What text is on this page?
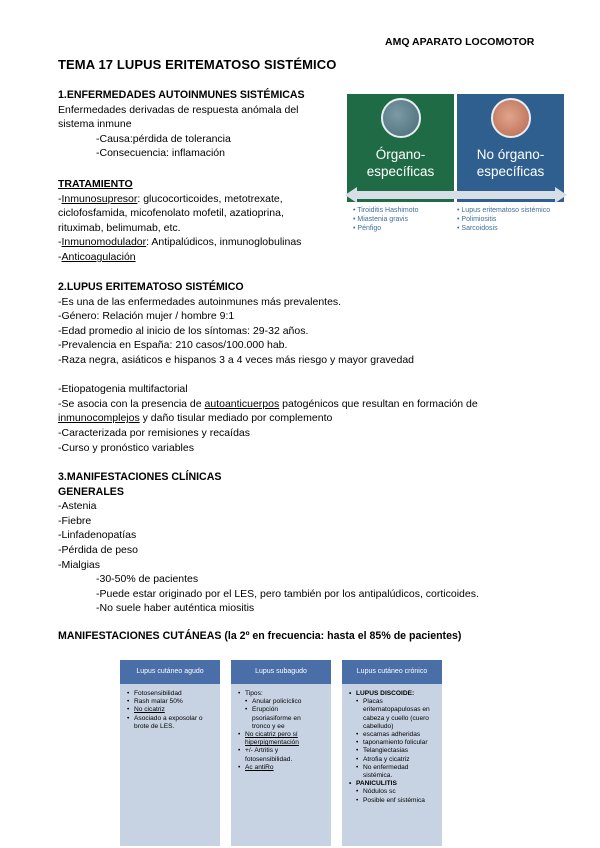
AMQ APARATO LOCOMOTOR
TEMA 17 LUPUS ERITEMATOSO SISTÉMICO
1.ENFERMEDADES AUTOINMUNES SISTÉMICAS
Enfermedades derivadas de respuesta anómala del
sistema inmune
-Causa:pérdida de tolerancia
-Consecuencia: inflamación
TRATAMIENTO
-Inmunosupresor: glucocorticoides, metotrexate,
ciclofosfamida, micofenolato mofetil, azatioprina,
rituximab, belimumab, etc.
-Inmunomodulador: Antipalúdicos, inmunoglobulinas
-Anticoagulación
Órgano-
específicas
No órgano-
específicas
• Tiroiditis Hashimoto
• Miastenia gravis
• Pénfigo
• Lupus eritematoso sistémico
• Polimiositis
• Sarcoidosis
2.LUPUS ERITEMATOSO SISTÉMICO
-Es una de las enfermedades autoinmunes más prevalentes.
-Género: Relación mujer / hombre 9:1
-Edad promedio al inicio de los síntomas: 29-32 años.
-Prevalencia en España: 210 casos/100.000 hab.
-Raza negra, asiáticos e hispanos 3 a 4 veces más riesgo y mayor gravedad
-Etiopatogenia multifactorial
-Se asocia con la presencia de autoanticuerpos patogénicos que resultan en formación de
inmunocomplejos y daño tisular mediado por complemento
-Caracterizada por remisiones y recaídas
-Curso y pronóstico variables
3.MANIFESTACIONES CLÍNICAS
GENERALES
-Astenia
-Fiebre
-Linfadenopatías
-Pérdida de peso
-Mialgias
-30-50% de pacientes
-Puede estar originado por el LES, pero también por los antipalúdicos, corticoides.
-No suele haber auténtica miositis
MANIFESTACIONES CUTÁNEAS (la 2º en frecuencia: hasta el 85% de pacientes)
Lupus cutáneo agudo
• Fotosensibilidad
• Rash malar 50%
• No cicatriz
• Asociado a exposolar o
brote de LES.
Lupus subagudo
• Tipos:
• Anular policíclico
• Erupción
psoriasiforme en
tronco y ee
• No cicatriz pero sí
hiperpigmentación
• +/- Artritis y
fotosensibilidad.
• Ac antiRo
Lupus cutáneo crónico
• LUPUS DISCOIDE:
• Placas eritematopapulosas en cabeza y cuello (cuero cabelludo)
• escamas adheridas
• taponamiento folicular
• Telangiectasias
• Atrofia y cicatriz
• No enfermedad sistémica.
• PANICULITIS
• Nódulos sc
• Posible enf sistémica
